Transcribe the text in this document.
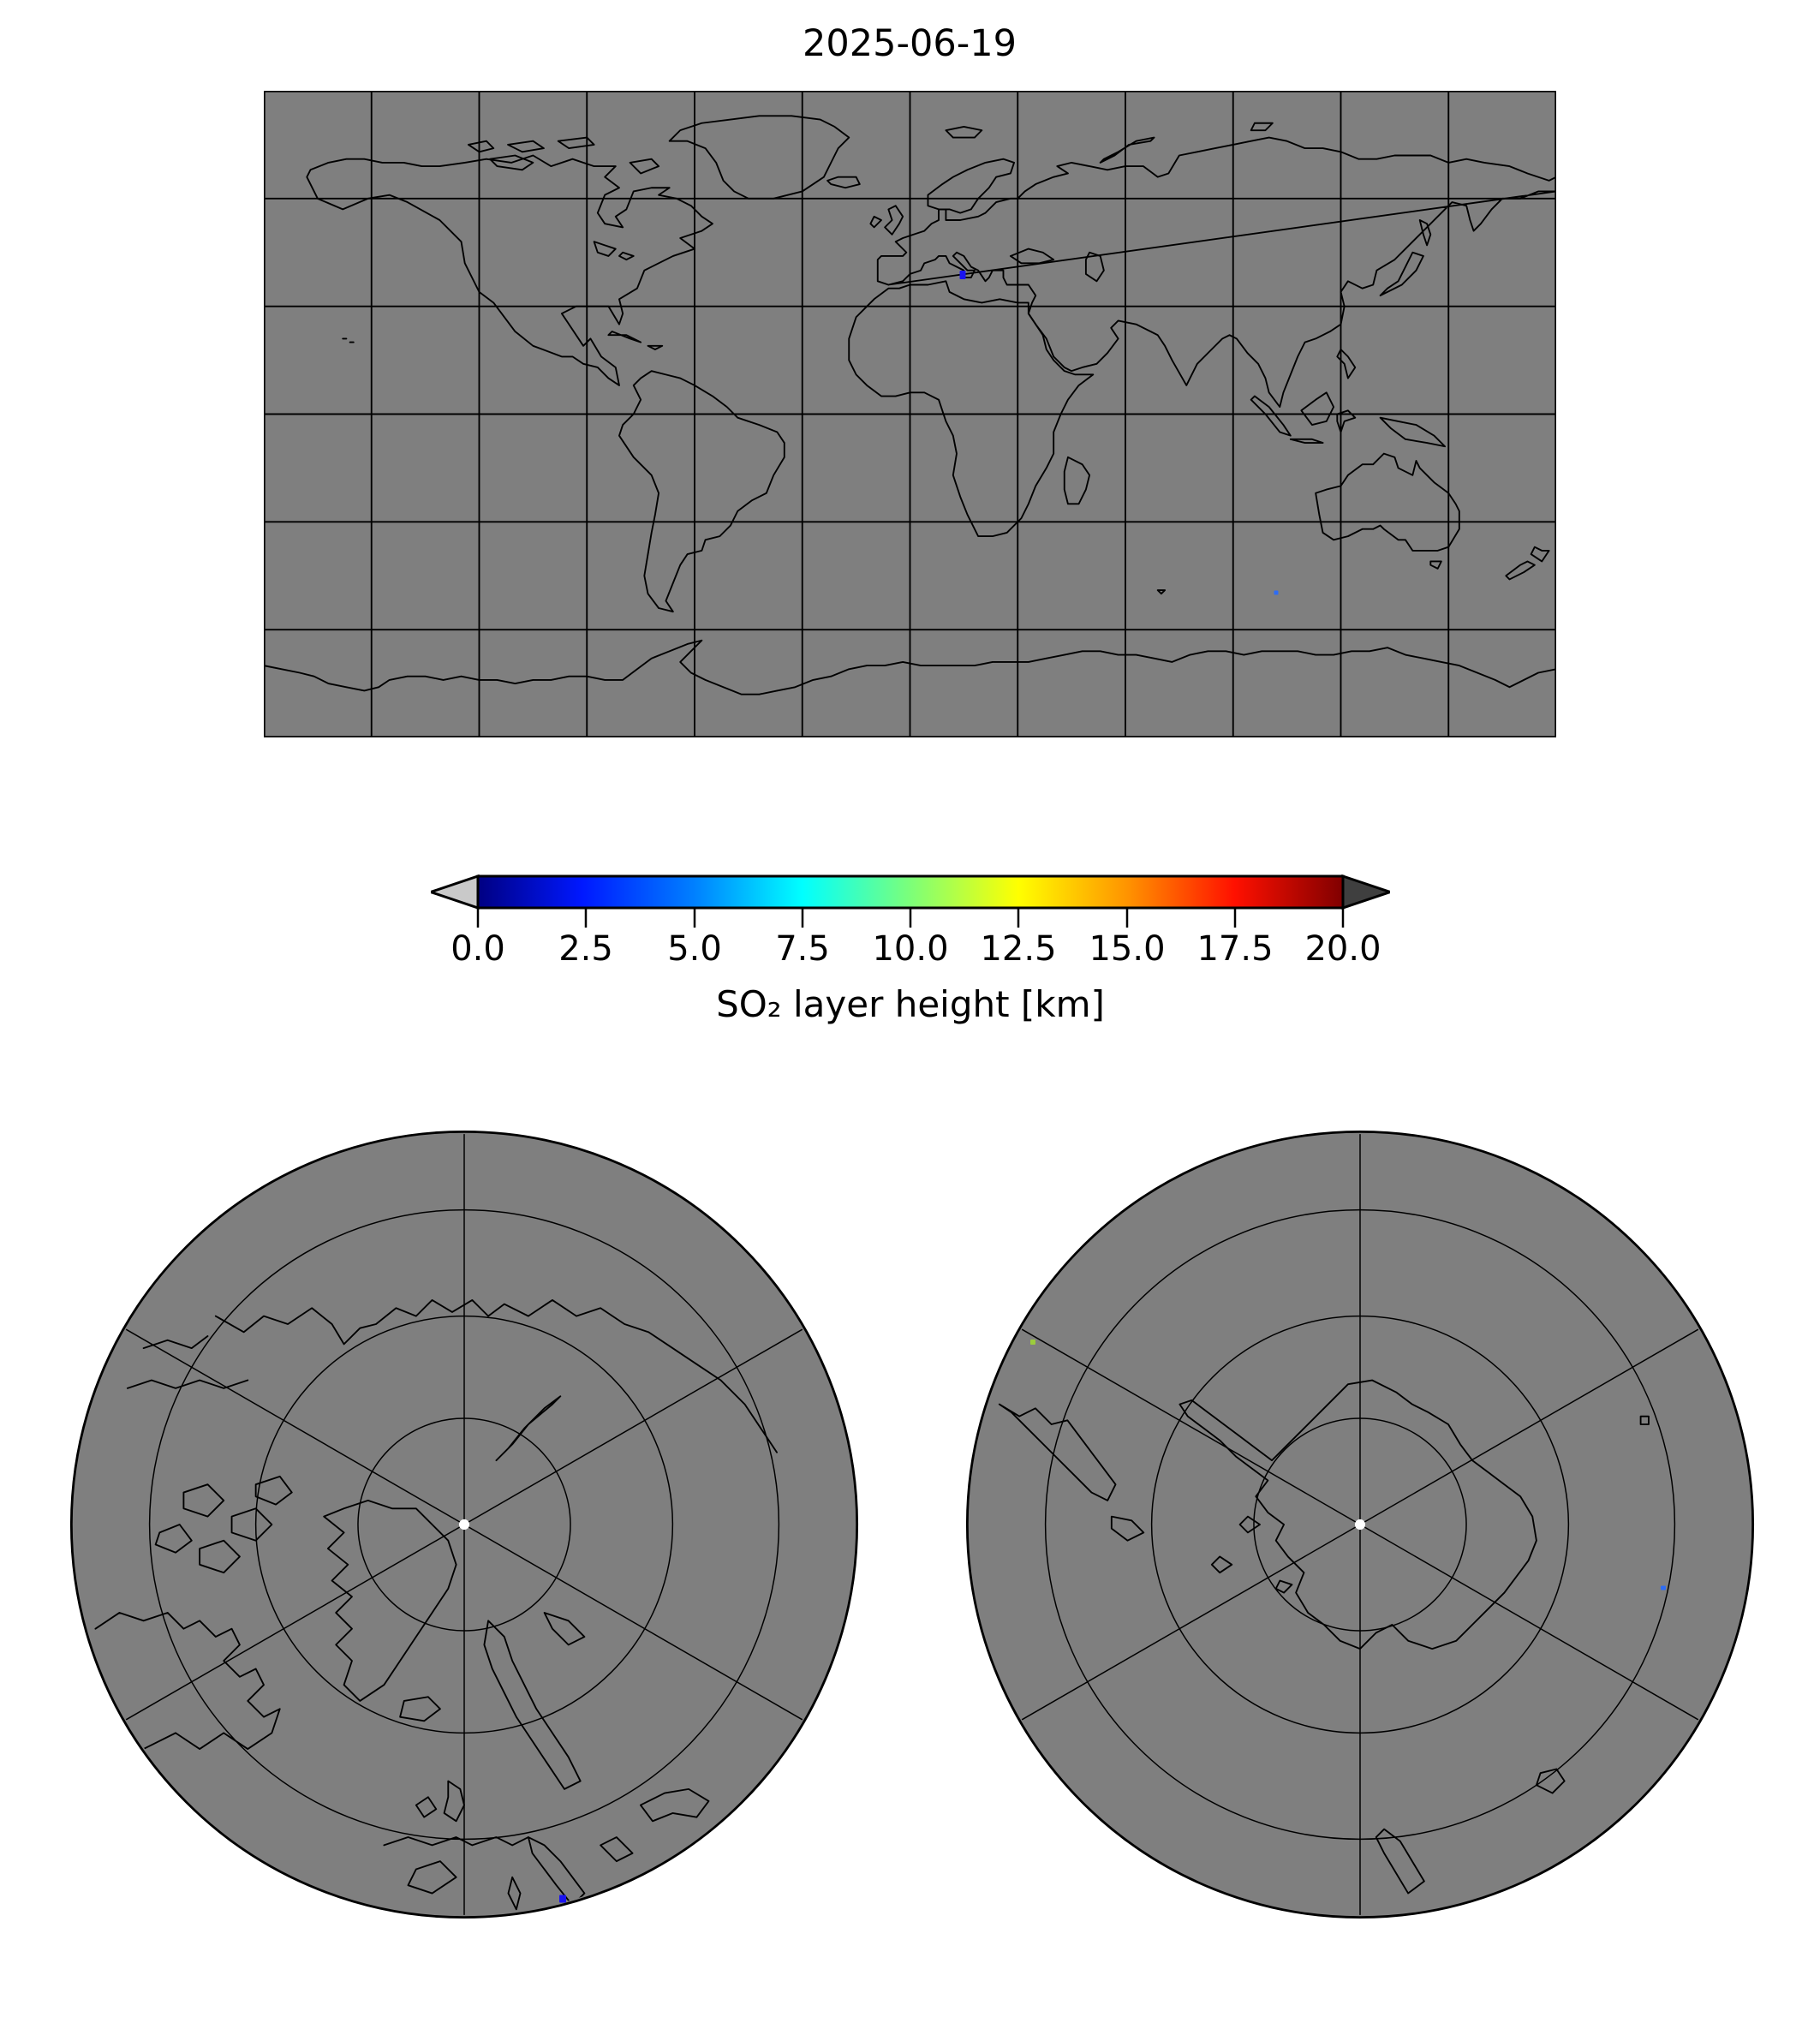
2025-06-19
0.0 2.5 5.0 7.5 10.0 12.5 15.0 17.5 20.0
SO₂ layer height [km]
